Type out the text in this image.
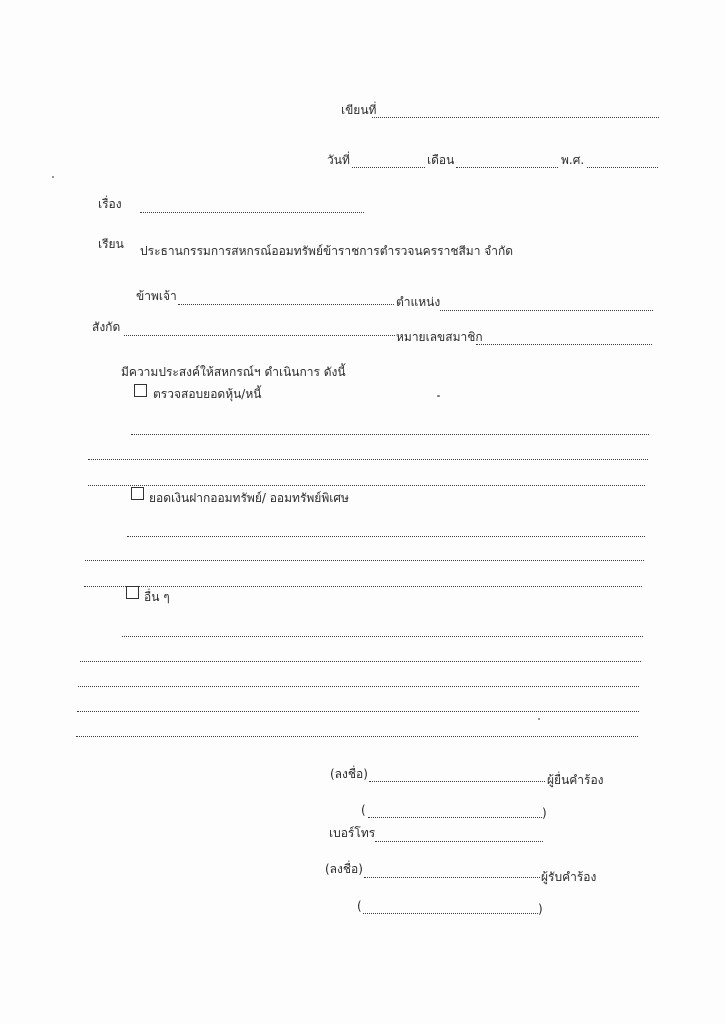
เขียนที่
วันที่	เดือน	พ.ศ.
เรื่อง
เรียน ประธานกรรมการสหกรณ์ออมทรัพย์ข้าราชการตำรวจนครราชสีมา จำกัด
ข้าพเจ้า	ตำแหน่ง
สังกัด
หมายเลขสมาชิก
มีความประสงค์ให้สหกรณ์ฯ ดำเนินการ ดังนี้
ตรวจสอบยอดหุ้น/หนี้
ยอดเงินฝากออมทรัพย์/ ออมทรัพย์พิเศษ
อื่น ๆ
(ลงชื่อ)	ผู้ยื่นคำร้อง
(	)
เบอร์โทร
(ลงชื่อ)
ผู้รับคำร้อง
(	)
